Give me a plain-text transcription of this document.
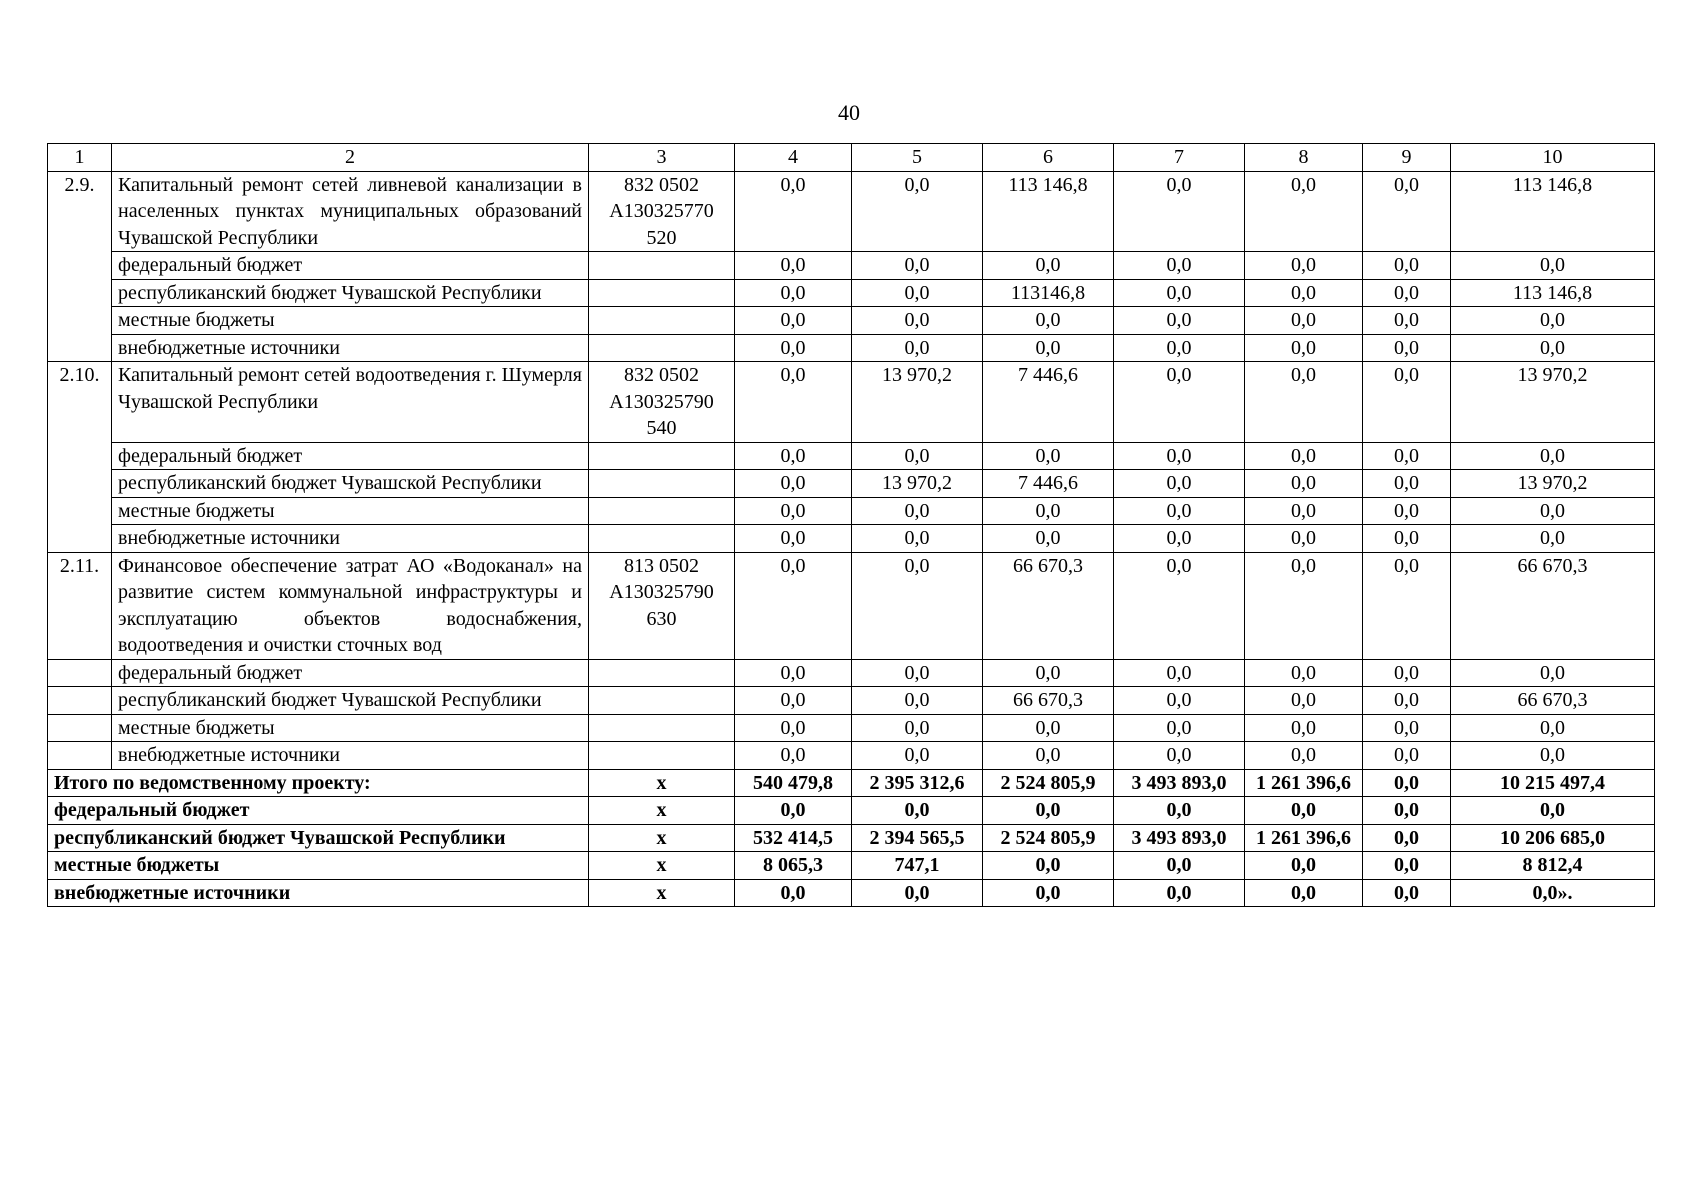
40
1	2	3	4	5	6	7	8	9	10
2.9.	Капитальный ремонт сетей ливневой канализации в населенных пунктах муниципальных образований Чувашской Республики	832 0502 А130325770 520	0,0	0,0	113 146,8	0,0	0,0	0,0	113 146,8
	федеральный бюджет		0,0	0,0	0,0	0,0	0,0	0,0	0,0
	республиканский бюджет Чувашской Республики		0,0	0,0	113146,8	0,0	0,0	0,0	113 146,8
	местные бюджеты		0,0	0,0	0,0	0,0	0,0	0,0	0,0
	внебюджетные источники		0,0	0,0	0,0	0,0	0,0	0,0	0,0
2.10.	Капитальный ремонт сетей водоотведения г. Шумерля Чувашской Республики	832 0502 А130325790 540	0,0	13 970,2	7 446,6	0,0	0,0	0,0	13 970,2
	федеральный бюджет		0,0	0,0	0,0	0,0	0,0	0,0	0,0
	республиканский бюджет Чувашской Республики		0,0	13 970,2	7 446,6	0,0	0,0	0,0	13 970,2
	местные бюджеты		0,0	0,0	0,0	0,0	0,0	0,0	0,0
	внебюджетные источники		0,0	0,0	0,0	0,0	0,0	0,0	0,0
2.11.	Финансовое обеспечение затрат АО «Водоканал» на развитие систем коммунальной инфраструктуры и эксплуатацию объектов водоснабжения, водоотведения и очистки сточных вод	813 0502 А130325790 630	0,0	0,0	66 670,3	0,0	0,0	0,0	66 670,3
	федеральный бюджет		0,0	0,0	0,0	0,0	0,0	0,0	0,0
	республиканский бюджет Чувашской Республики		0,0	0,0	66 670,3	0,0	0,0	0,0	66 670,3
	местные бюджеты		0,0	0,0	0,0	0,0	0,0	0,0	0,0
	внебюджетные источники		0,0	0,0	0,0	0,0	0,0	0,0	0,0
Итого по ведомственному проекту:		х	540 479,8	2 395 312,6	2 524 805,9	3 493 893,0	1 261 396,6	0,0	10 215 497,4
федеральный бюджет		х	0,0	0,0	0,0	0,0	0,0	0,0	0,0
республиканский бюджет Чувашской Республики		х	532 414,5	2 394 565,5	2 524 805,9	3 493 893,0	1 261 396,6	0,0	10 206 685,0
местные бюджеты		х	8 065,3	747,1	0,0	0,0	0,0	0,0	8 812,4
внебюджетные источники		х	0,0	0,0	0,0	0,0	0,0	0,0	0,0».
